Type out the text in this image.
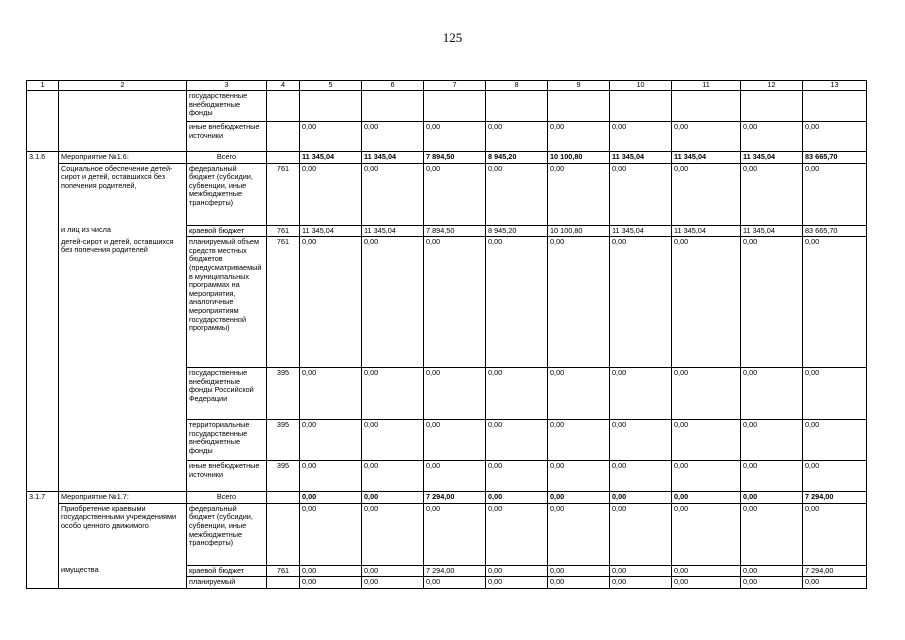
125
1	2	3	4	5	6	7	8	9	10	11	12	13
		государственные внебюджетные фонды										
		иные внебюджетные источники		0,00	0,00	0,00	0,00	0,00	0,00	0,00	0,00	0,00
3.1.6	Мероприятие №1.6:	Всего		11 345,04	11 345,04	7 894,50	8 945,20	10 100,80	11 345,04	11 345,04	11 345,04	83 665,70
	Социальное обеспечение детей-сирот и детей, оставшихся без попечения родителей,	федеральный бюджет (субсидии, субвенции, иные межбюджетные трансферты)	761	0,00	0,00	0,00	0,00	0,00	0,00	0,00	0,00	0,00
	и лиц из числа	краевой бюджет	761	11 345,04	11 345,04	7 894,50	8 945,20	10 100,80	11 345,04	11 345,04	11 345,04	83 665,70
	детей-сирот и детей, оставшихся без попечения родителей	планируемый объем средств местных бюджетов (предусматриваемый в муниципальных программах на мероприятия, аналогичные мероприятиям государственной программы)	761	0,00	0,00	0,00	0,00	0,00	0,00	0,00	0,00	0,00
		государственные внебюджетные фонды Российской Федерации	395	0,00	0,00	0,00	0,00	0,00	0,00	0,00	0,00	0,00
		территориальные государственные внебюджетные фонды	395	0,00	0,00	0,00	0,00	0,00	0,00	0,00	0,00	0,00
		иные внебюджетные источники	395	0,00	0,00	0,00	0,00	0,00	0,00	0,00	0,00	0,00
3.1.7	Мероприятие №1.7:	Всего		0,00	0,00	7 294,00	0,00	0,00	0,00	0,00	0,00	7 294,00
	Приобретение краевыми государственными учреждениями особо ценного движимого	федеральный бюджет (субсидии, субвенции, иные межбюджетные трансферты)		0,00	0,00	0,00	0,00	0,00	0,00	0,00	0,00	0,00
	имущества	краевой бюджет	761	0,00	0,00	7 294,00	0,00	0,00	0,00	0,00	0,00	7 294,00
		планируемый		0,00	0,00	0,00	0,00	0,00	0,00	0,00	0,00	0,00
